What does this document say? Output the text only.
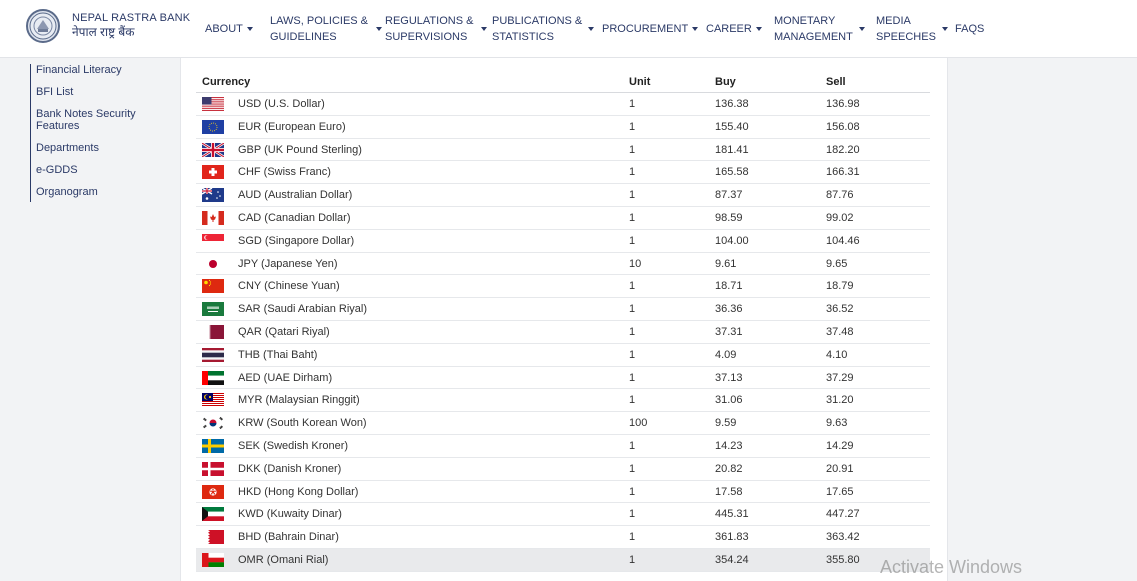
NEPAL RASTRA BANK
नेपाल राष्ट्र बैंक	ABOUT
LAWS, POLICIES &
GUIDELINES
REGULATIONS &
SUPERVISIONS
PUBLICATIONS &
STATISTICS
PROCUREMENT CAREER
MONETARY
MANAGEMENT
MEDIA
SPEECHES
FAQS
Financial Literacy
BFI List
Bank Notes Security Features
Departments
e-GDDS
Organogram
Currency	Unit	Buy	Sell
USD (U.S. Dollar)	1	136.38	136.98
EUR (European Euro)	1	155.40	156.08
GBP (UK Pound Sterling)	1	181.41	182.20
CHF (Swiss Franc)	1	165.58	166.31
AUD (Australian Dollar)	1	87.37	87.76
CAD (Canadian Dollar)	1	98.59	99.02
SGD (Singapore Dollar)	1	104.00	104.46
JPY (Japanese Yen)	10	9.61	9.65
CNY (Chinese Yuan)	1	18.71	18.79
SAR (Saudi Arabian Riyal)	1	36.36	36.52
QAR (Qatari Riyal)	1	37.31	37.48
THB (Thai Baht)	1	4.09	4.10
AED (UAE Dirham)	1	37.13	37.29
MYR (Malaysian Ringgit)	1	31.06	31.20
KRW (South Korean Won)	100	9.59	9.63
SEK (Swedish Kroner)	1	14.23	14.29
DKK (Danish Kroner)	1	20.82	20.91
HKD (Hong Kong Dollar)	1	17.58	17.65
KWD (Kuwaity Dinar)	1	445.31	447.27
BHD (Bahrain Dinar)	1	361.83	363.42
OMR (Omani Rial)	1	354.24	355.80 Activate Windows
